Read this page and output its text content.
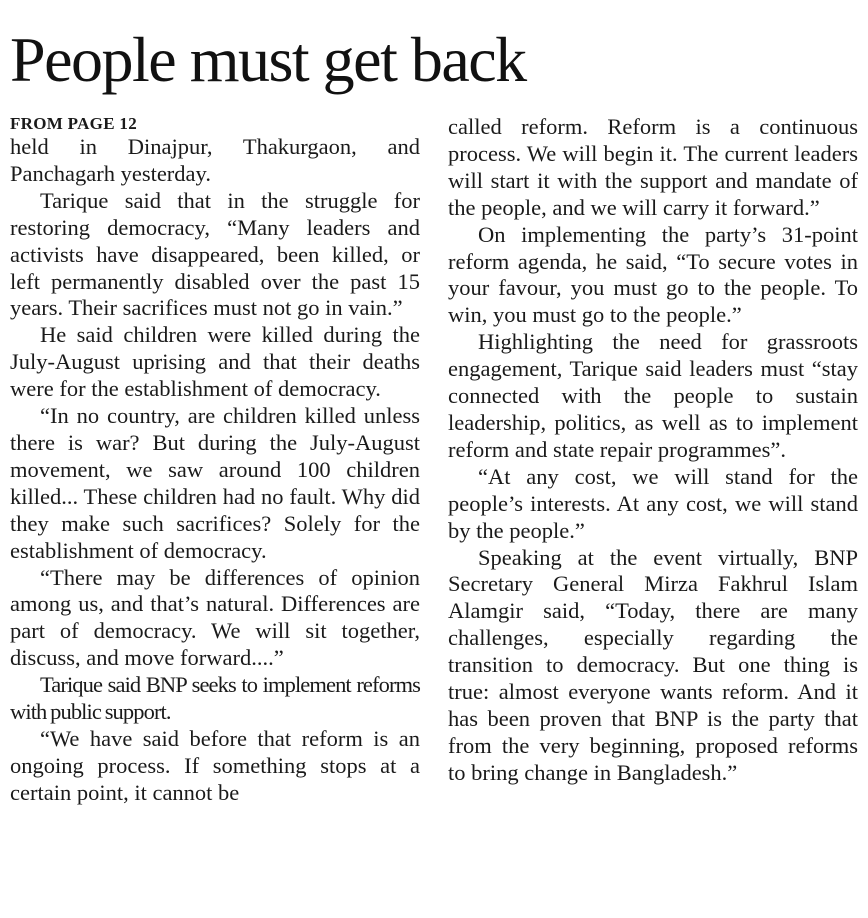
People must get back
FROM PAGE 12

held in Dinajpur, Thakurgaon, and Panchagarh yesterday.

Tarique said that in the struggle for restoring democracy, “Many leaders and activists have disappeared, been killed, or left permanently disabled over the past 15 years. Their sacrifices must not go in vain.”

He said children were killed during the July-August uprising and that their deaths were for the establishment of democracy.

“In no country, are children killed unless there is war? But during the July-August movement, we saw around 100 children killed... These children had no fault. Why did they make such sacrifices? Solely for the establishment of democracy.

“There may be differences of opinion among us, and that’s natural. Differences are part of democracy. We will sit together, discuss, and move forward....”

Tarique said BNP seeks to implement reforms with public support.

“We have said before that reform is an ongoing process. If something stops at a certain point, it cannot be

called reform. Reform is a continuous process. We will begin it. The current leaders will start it with the support and mandate of the people, and we will carry it forward.”

On implementing the party’s 31-point reform agenda, he said, “To secure votes in your favour, you must go to the people. To win, you must go to the people.”

Highlighting the need for grassroots engagement, Tarique said leaders must “stay connected with the people to sustain leadership, politics, as well as to implement reform and state repair programmes”.

“At any cost, we will stand for the people’s interests. At any cost, we will stand by the people.”

Speaking at the event virtually, BNP Secretary General Mirza Fakhrul Islam Alamgir said, “Today, there are many challenges, especially regarding the transition to democracy. But one thing is true: almost everyone wants reform. And it has been proven that BNP is the party that from the very beginning, proposed reforms to bring change in Bangladesh.”
